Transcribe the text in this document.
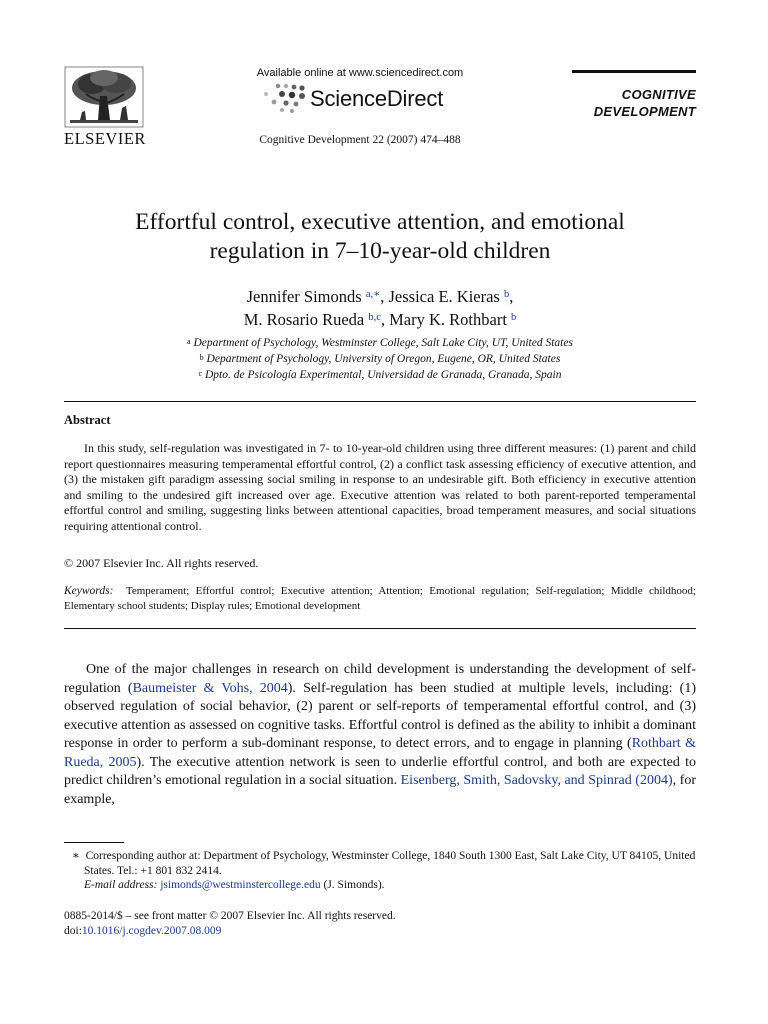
ELSEVIER
Available online at www.sciencedirect.com
ScienceDirect
Cognitive Development 22 (2007) 474–488
COGNITIVE
DEVELOPMENT
Effortful control, executive attention, and emotional
regulation in 7–10-year-old children
Jennifer Simonds $^{a,∗}$, Jessica E. Kieras $^b$,
M. Rosario Rueda $^{b,c}$, Mary K. Rothbart $^b$
$^a$ Department of Psychology, Westminster College, Salt Lake City, UT, United States
$^b$ Department of Psychology, University of Oregon, Eugene, OR, United States
$^c$ Dpto. de Psicología Experimental, Universidad de Granada, Granada, Spain
Abstract
In this study, self-regulation was investigated in 7- to 10-year-old children using three different measures: (1) parent and child report questionnaires measuring temperamental effortful control, (2) a conflict task assessing efficiency of executive attention, and (3) the mistaken gift paradigm assessing social smiling in response to an undesirable gift. Both efficiency in executive attention and smiling to the undesired gift increased over age. Executive attention was related to both parent-reported temperamental effortful control and smiling, suggesting links between attentional capacities, broad temperament measures, and social situations requiring attentional control.
© 2007 Elsevier Inc. All rights reserved.
Keywords: Temperament; Effortful control; Executive attention; Attention; Emotional regulation; Self-regulation; Middle childhood; Elementary school students; Display rules; Emotional development

One of the major challenges in research on child development is understanding the development of self-regulation (Baumeister & Vohs, 2004). Self-regulation has been studied at multiple levels, including: (1) observed regulation of social behavior, (2) parent or self-reports of temperamental effortful control, and (3) executive attention as assessed on cognitive tasks. Effortful control is defined as the ability to inhibit a dominant response in order to perform a sub-dominant response, to detect errors, and to engage in planning (Rothbart & Rueda, 2005). The executive attention network is seen to underlie effortful control, and both are expected to predict children’s emotional regulation in a social situation. Eisenberg, Smith, Sadovsky, and Spinrad (2004), for example,

∗ Corresponding author at: Department of Psychology, Westminster College, 1840 South 1300 East, Salt Lake City, UT 84105, United States. Tel.: +1 801 832 2414.
E-mail address: jsimonds@westminstercollege.edu (J. Simonds).
0885-2014/$ – see front matter © 2007 Elsevier Inc. All rights reserved.
doi:10.1016/j.cogdev.2007.08.009
